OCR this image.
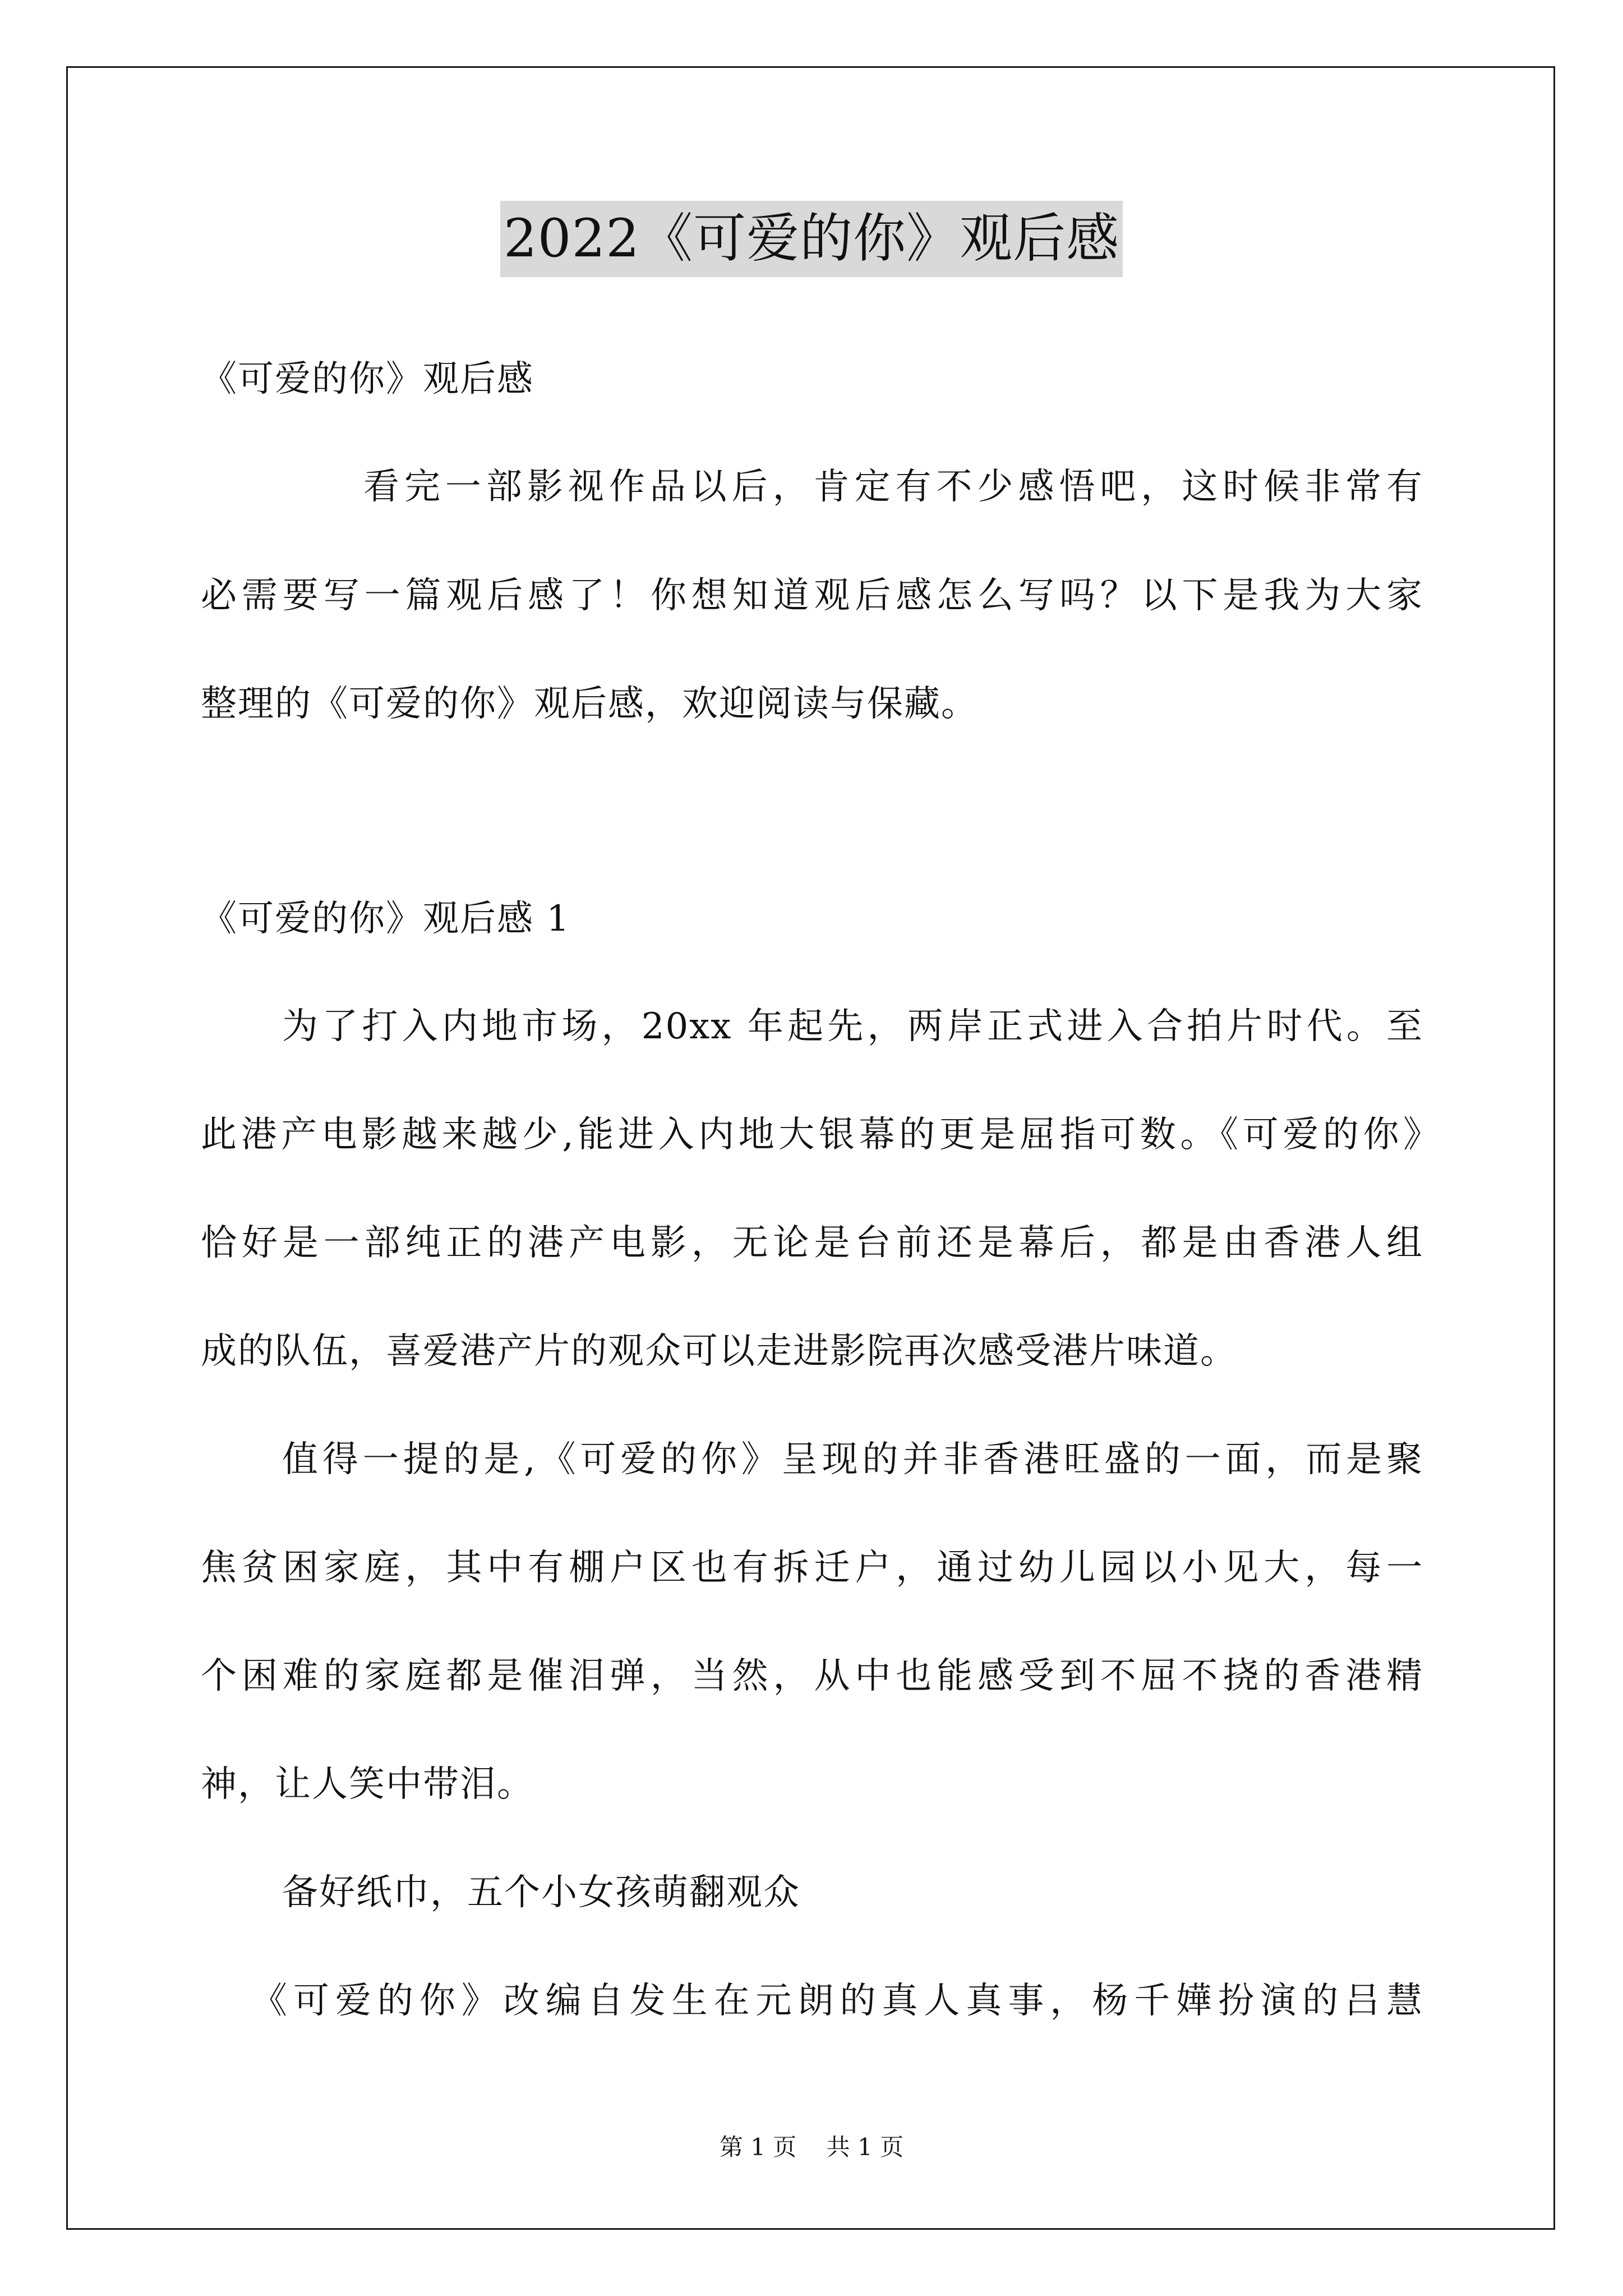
2022《可爱的你》观后感
《可爱的你》观后感
看完一部影视作品以后，肯定有不少感悟吧，这时候非常有
必需要写一篇观后感了！你想知道观后感怎么写吗？以下是我为大家
整理的《可爱的你》观后感，欢迎阅读与保藏。
《可爱的你》观后感 1
为了打入内地市场，20xx 年起先，两岸正式进入合拍片时代。至
此港产电影越来越少,能进入内地大银幕的更是屈指可数。《可爱的你》
恰好是一部纯正的港产电影，无论是台前还是幕后，都是由香港人组
成的队伍，喜爱港产片的观众可以走进影院再次感受港片味道。
值得一提的是,《可爱的你》呈现的并非香港旺盛的一面，而是聚
焦贫困家庭，其中有棚户区也有拆迁户，通过幼儿园以小见大，每一
个困难的家庭都是催泪弹，当然，从中也能感受到不屈不挠的香港精
神，让人笑中带泪。
备好纸巾，五个小女孩萌翻观众
《可爱的你》改编自发生在元朗的真人真事，杨千嬅扮演的吕慧
第 1 页 共 1 页
